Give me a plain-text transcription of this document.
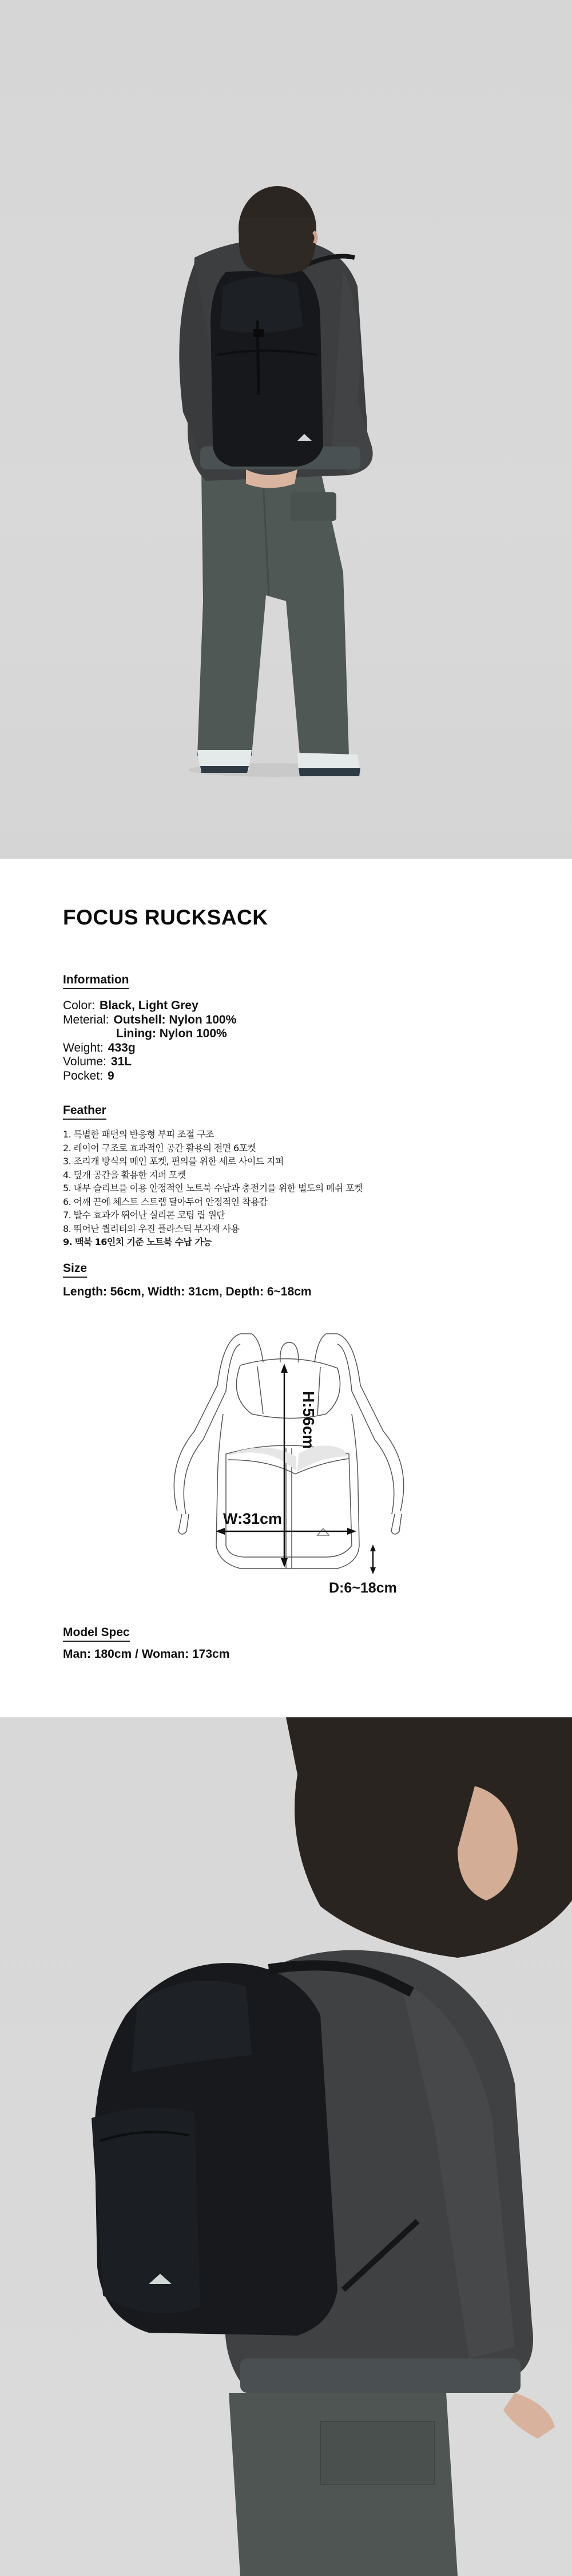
FOCUS RUCKSACK
Information
Color: Black, Light Grey
Meterial: Outshell: Nylon 100%
Lining: Nylon 100%
Weight: 433g
Volume: 31L
Pocket: 9
Feather
1. 특별한 패턴의 반응형 부피 조절 구조
2. 레이어 구조로 효과적인 공간 활용의 전면 6포켓
3. 조리개 방식의 메인 포켓, 편의를 위한 세로 사이드 지퍼
4. 덮개 공간을 활용한 지퍼 포켓
5. 내부 슬리브를 이용 안정적인 노트북 수납과 충전기를 위한 별도의 메쉬 포켓
6. 어깨 끈에 체스트 스트랩 달아두어 안정적인 착용감
7. 발수 효과가 뛰어난 실리콘 코팅 립 원단
8. 뛰어난 퀄리티의 우진 플라스틱 부자재 사용
9. 맥북 16인치 기준 노트북 수납 가능
Size
Length: 56cm, Width: 31cm, Depth: 6~18cm
H:56cm
W:31cm
D:6~18cm
Model Spec
Man: 180cm / Woman: 173cm
